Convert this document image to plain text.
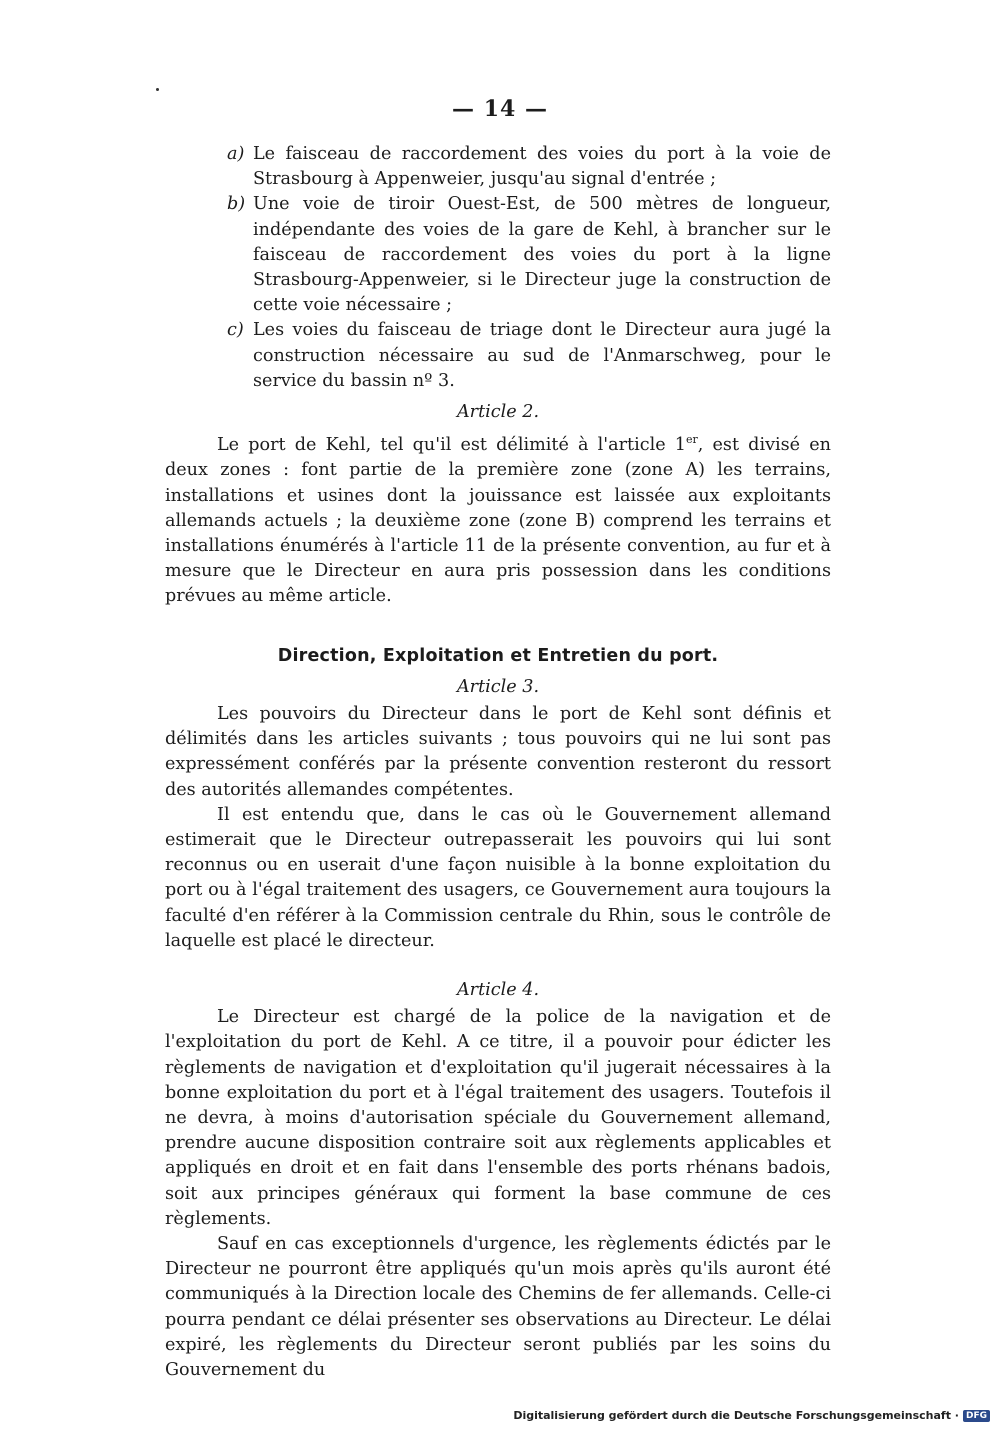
— 14 —
a) Le faisceau de raccordement des voies du port à la voie de Strasbourg à Appenweier, jusqu'au signal d'entrée ;
b) Une voie de tiroir Ouest-Est, de 500 mètres de longueur, indépendante des voies de la gare de Kehl, à brancher sur le faisceau de raccordement des voies du port à la ligne Strasbourg-Appenweier, si le Directeur juge la construction de cette voie nécessaire ;
c) Les voies du faisceau de triage dont le Directeur aura jugé la construction nécessaire au sud de l'Anmarschweg, pour le service du bassin nº 3.
Article 2.

Le port de Kehl, tel qu'il est délimité à l'article 1er, est divisé en deux zones : font partie de la première zone (zone A) les terrains, installations et usines dont la jouissance est laissée aux exploitants allemands actuels ; la deuxième zone (zone B) comprend les terrains et installations énumérés à l'article 11 de la présente convention, au fur et à mesure que le Directeur en aura pris possession dans les conditions prévues au même article.

Direction, Exploitation et Entretien du port.
Article 3.

Les pouvoirs du Directeur dans le port de Kehl sont définis et délimités dans les articles suivants ; tous pouvoirs qui ne lui sont pas expressément conférés par la présente convention resteront du ressort des autorités allemandes compétentes.

Il est entendu que, dans le cas où le Gouvernement allemand estimerait que le Directeur outrepasserait les pouvoirs qui lui sont reconnus ou en userait d'une façon nuisible à la bonne exploitation du port ou à l'égal traitement des usagers, ce Gouvernement aura toujours la faculté d'en référer à la Commission centrale du Rhin, sous le contrôle de laquelle est placé le directeur.

Article 4.

Le Directeur est chargé de la police de la navigation et de l'exploitation du port de Kehl. A ce titre, il a pouvoir pour édicter les règlements de navigation et d'exploitation qu'il jugerait nécessaires à la bonne exploitation du port et à l'égal traitement des usagers. Toutefois il ne devra, à moins d'autorisation spéciale du Gouvernement allemand, prendre aucune disposition contraire soit aux règlements applicables et appliqués en droit et en fait dans l'ensemble des ports rhénans badois, soit aux principes généraux qui forment la base commune de ces règlements.

Sauf en cas exceptionnels d'urgence, les règlements édictés par le Directeur ne pourront être appliqués qu'un mois après qu'ils auront été communiqués à la Direction locale des Chemins de fer allemands. Celle-ci pourra pendant ce délai présenter ses observations au Directeur. Le délai expiré, les règlements du Directeur seront publiés par les soins du Gouvernement du

Digitalisierung gefördert durch die Deutsche Forschungsgemeinschaft · DFG
